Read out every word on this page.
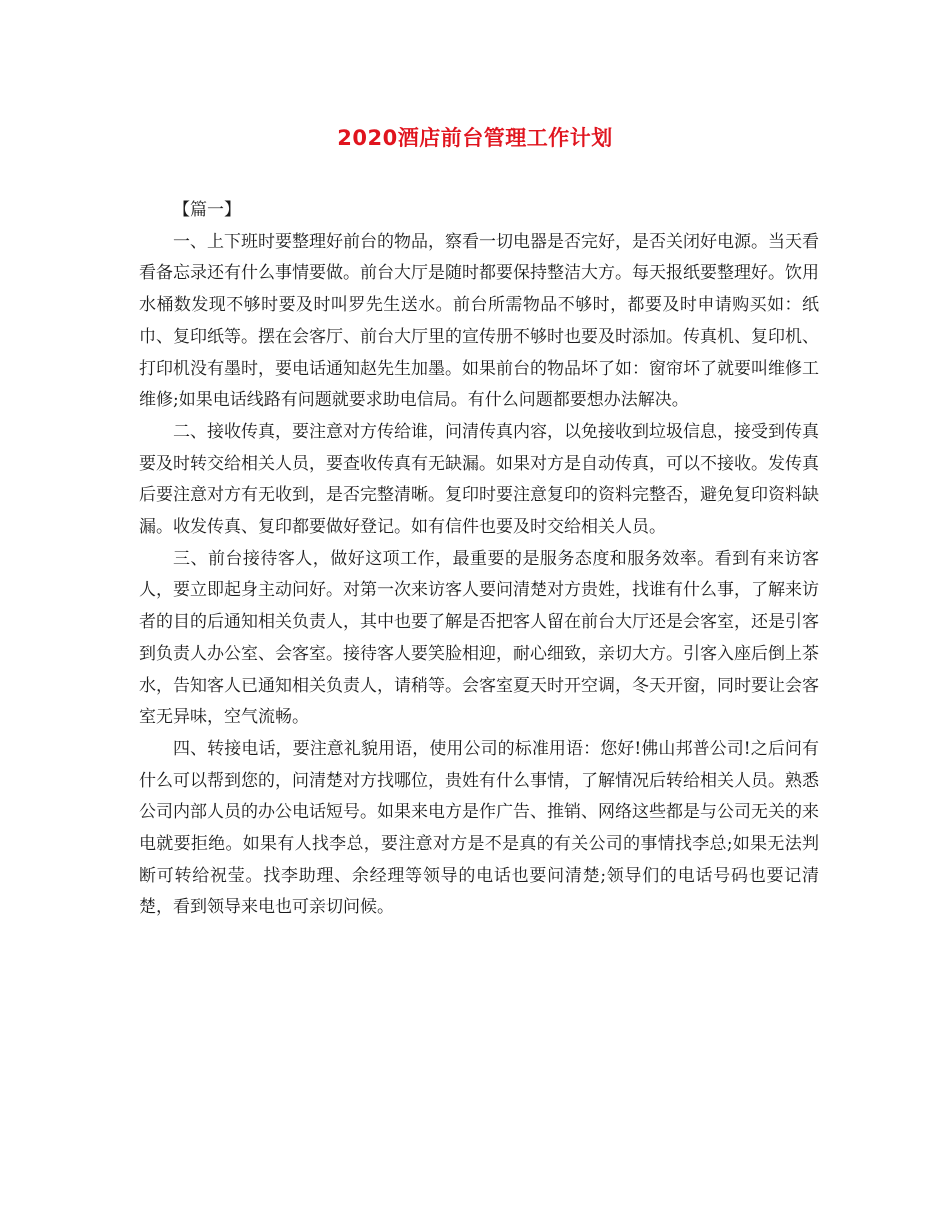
2020酒店前台管理工作计划

【篇一】

一、上下班时要整理好前台的物品，察看一切电器是否完好，是否关闭好电源。当天看看备忘录还有什么事情要做。前台大厅是随时都要保持整洁大方。每天报纸要整理好。饮用水桶数发现不够时要及时叫罗先生送水。前台所需物品不够时，都要及时申请购买如：纸巾、复印纸等。摆在会客厅、前台大厅里的宣传册不够时也要及时添加。传真机、复印机、打印机没有墨时，要电话通知赵先生加墨。如果前台的物品坏了如：窗帘坏了就要叫维修工维修;如果电话线路有问题就要求助电信局。有什么问题都要想办法解决。

二、接收传真，要注意对方传给谁，问清传真内容，以免接收到垃圾信息，接受到传真要及时转交给相关人员，要查收传真有无缺漏。如果对方是自动传真，可以不接收。发传真后要注意对方有无收到，是否完整清晰。复印时要注意复印的资料完整否，避免复印资料缺漏。收发传真、复印都要做好登记。如有信件也要及时交给相关人员。

三、前台接待客人，做好这项工作，最重要的是服务态度和服务效率。看到有来访客人，要立即起身主动问好。对第一次来访客人要问清楚对方贵姓，找谁有什么事，了解来访者的目的后通知相关负责人，其中也要了解是否把客人留在前台大厅还是会客室，还是引客到负责人办公室、会客室。接待客人要笑脸相迎，耐心细致，亲切大方。引客入座后倒上茶水，告知客人已通知相关负责人，请稍等。会客室夏天时开空调，冬天开窗，同时要让会客室无异味，空气流畅。

四、转接电话，要注意礼貌用语，使用公司的标准用语：您好!佛山邦普公司!之后问有什么可以帮到您的，问清楚对方找哪位，贵姓有什么事情，了解情况后转给相关人员。熟悉公司内部人员的办公电话短号。如果来电方是作广告、推销、网络这些都是与公司无关的来电就要拒绝。如果有人找李总，要注意对方是不是真的有关公司的事情找李总;如果无法判断可转给祝莹。找李助理、余经理等领导的电话也要问清楚;领导们的电话号码也要记清楚，看到领导来电也可亲切问候。
